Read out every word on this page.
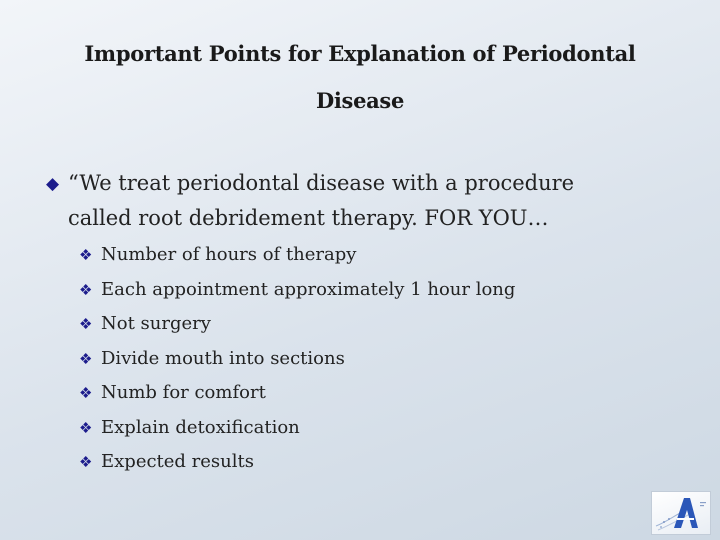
Important Points for Explanation of Periodontal
Disease
◆ “We treat periodontal disease with a procedure
called root debridement therapy. FOR YOU…
❖ Number of hours of therapy
❖ Each appointment approximately 1 hour long
❖ Not surgery
❖ Divide mouth into sections
❖ Numb for comfort
❖ Explain detoxification
❖ Expected results
